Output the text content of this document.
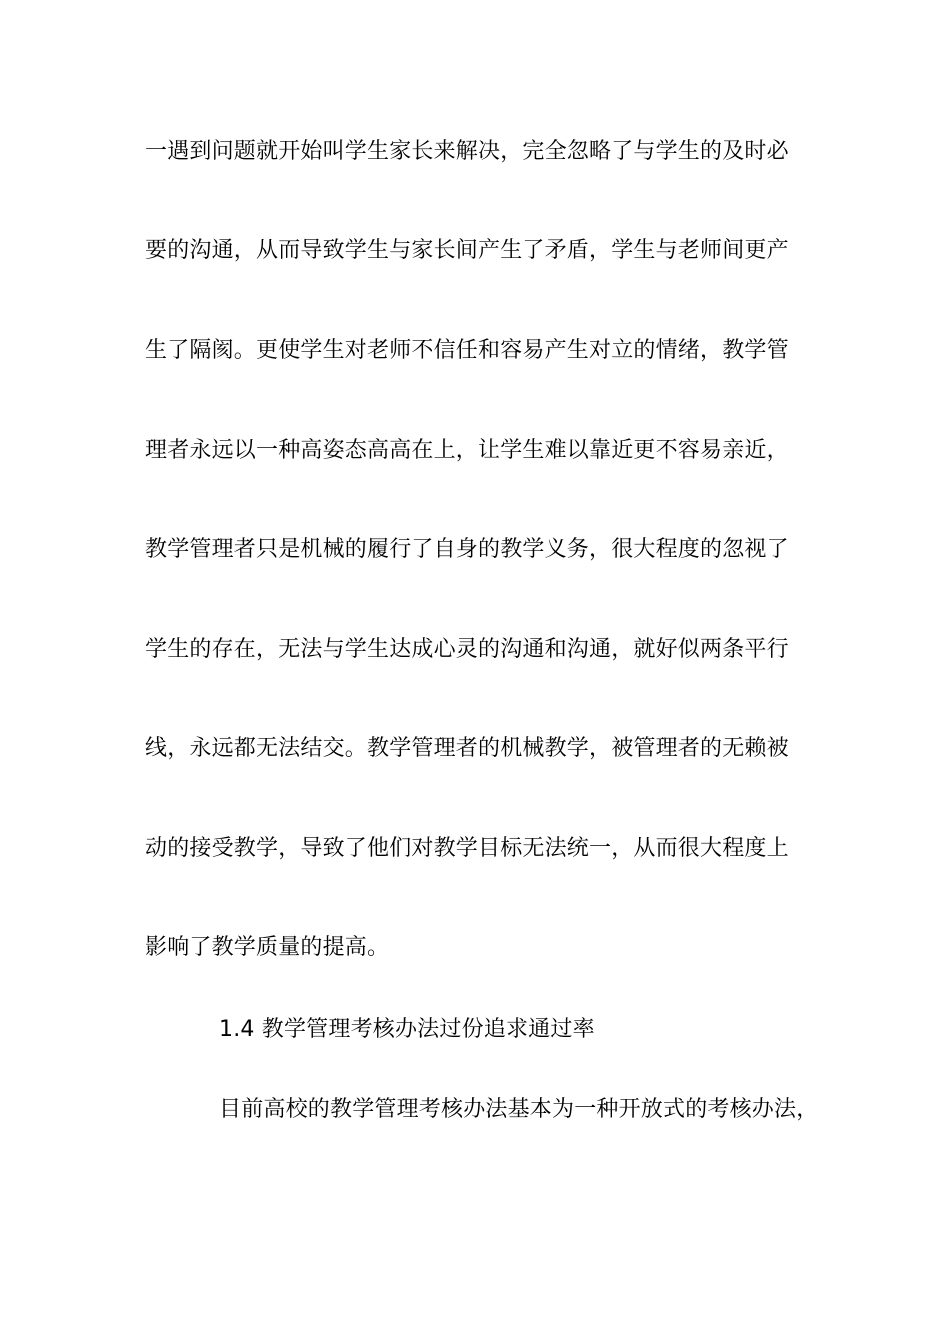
一遇到问题就开始叫学生家长来解决，完全忽略了与学生的及时必
要的沟通，从而导致学生与家长间产生了矛盾，学生与老师间更产
生了隔阂。更使学生对老师不信任和容易产生对立的情绪，教学管
理者永远以一种高姿态高高在上，让学生难以靠近更不容易亲近，
教学管理者只是机械的履行了自身的教学义务，很大程度的忽视了
学生的存在，无法与学生达成心灵的沟通和沟通，就好似两条平行
线，永远都无法结交。教学管理者的机械教学，被管理者的无赖被
动的接受教学，导致了他们对教学目标无法统一，从而很大程度上
影响了教学质量的提高。
1.4 教学管理考核办法过份追求通过率
目前高校的教学管理考核办法基本为一种开放式的考核办法，
